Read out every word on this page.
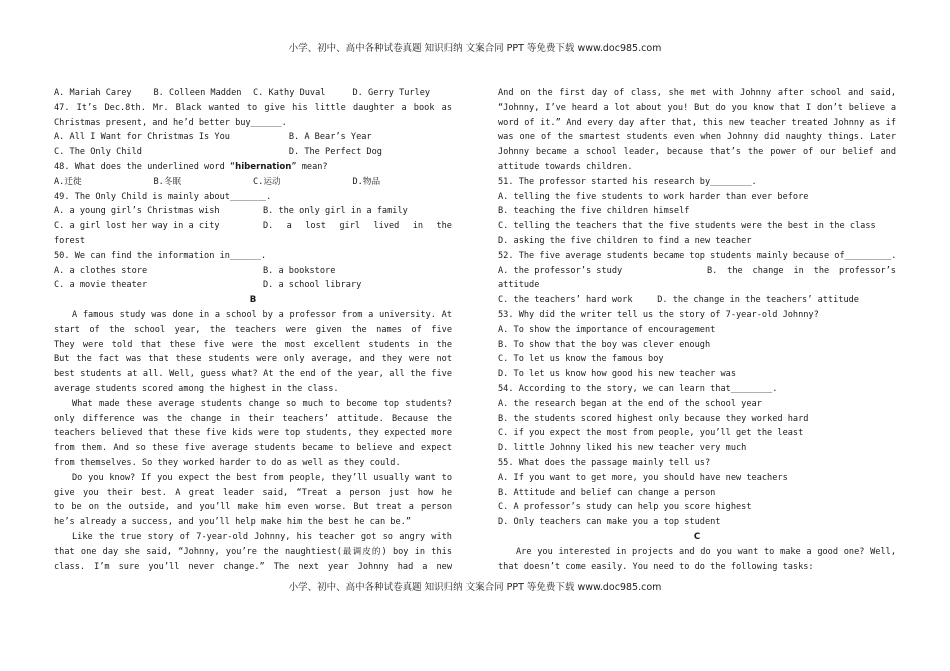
小学、初中、高中各种试卷真题 知识归纳 文案合同 PPT 等免费下载 www.doc985.com
A. Mariah Carey	B. Colleen Madden	C. Kathy Duval	D. Gerry Turley
47. It’s Dec.8th. Mr. Black wanted to give his little daughter a book as
Christmas present, and he’d better buy______.
A. All I Want for Christmas Is You	B. A Bear’s Year
C. The Only Child	D. The Perfect Dog
48. What does the underlined word “hibernation” mean?
A.迁徙	B.冬眠	C.运动	D.物品
49. The Only Child is mainly about_______.
A. a young girl’s Christmas wish	B. the only girl in a family
C. a girl lost her way in a city	D. a lost girl lived in the
forest
50. We can find the information in______.
A. a clothes store	B. a bookstore
C. a movie theater	D. a school library
B
A famous study was done in a school by a professor from a university. At
start of the school year, the teachers were given the names of five
They were told that these five were the most excellent students in the
But the fact was that these students were only average, and they were not
best students at all. Well, guess what? At the end of the year, all the five
average students scored among the highest in the class.
What made these average students change so much to become top students?
only difference was the change in their teachers’ attitude. Because the
teachers believed that these five kids were top students, they expected more
from them. And so these five average students became to believe and expect
from themselves. So they worked harder to do as well as they could.
Do you know? If you expect the best from people, they’ll usually want to
give you their best. A great leader said, “Treat a person just how he
to be on the outside, and you’ll make him even worse. But treat a person
he’s already a success, and you’ll help make him the best he can be.”
Like the true story of 7-year-old Johnny, his teacher got so angry with
that one day she said, “Johnny, you’re the naughtiest(最调皮的) boy in this
class. I’m sure you’ll never change.” The next year Johnny had a new
And on the first day of class, she met with Johnny after school and said,
“Johnny, I’ve heard a lot about you! But do you know that I don’t believe a
word of it.” And every day after that, this new teacher treated Johnny as if
was one of the smartest students even when Johnny did naughty things. Later
Johnny became a school leader, because that’s the power of our belief and
attitude towards children.
51. The professor started his research by________.
A. telling the five students to work harder than ever before
B. teaching the five children himself
C. telling the teachers that the five students were the best in the class
D. asking the five children to find a new teacher
52. The five average students became top students mainly because of_________.
A. the professor’s study	B. the change in the professor’s
attitude
C. the teachers’ hard work	D. the change in the teachers’ attitude
53. Why did the writer tell us the story of 7-year-old Johnny?
A. To show the importance of encouragement
B. To show that the boy was clever enough
C. To let us know the famous boy
D. To let us know how good his new teacher was
54. According to the story, we can learn that________.
A. the research began at the end of the school year
B. the students scored highest only because they worked hard
C. if you expect the most from people, you’ll get the least
D. little Johnny liked his new teacher very much
55. What does the passage mainly tell us?
A. If you want to get more, you should have new teachers
B. Attitude and belief can change a person
C. A professor’s study can help you score highest
D. Only teachers can make you a top student
C
Are you interested in projects and do you want to make a good one? Well,
that doesn’t come easily. You need to do the following tasks:
小学、初中、高中各种试卷真题 知识归纳 文案合同 PPT 等免费下载 www.doc985.com
